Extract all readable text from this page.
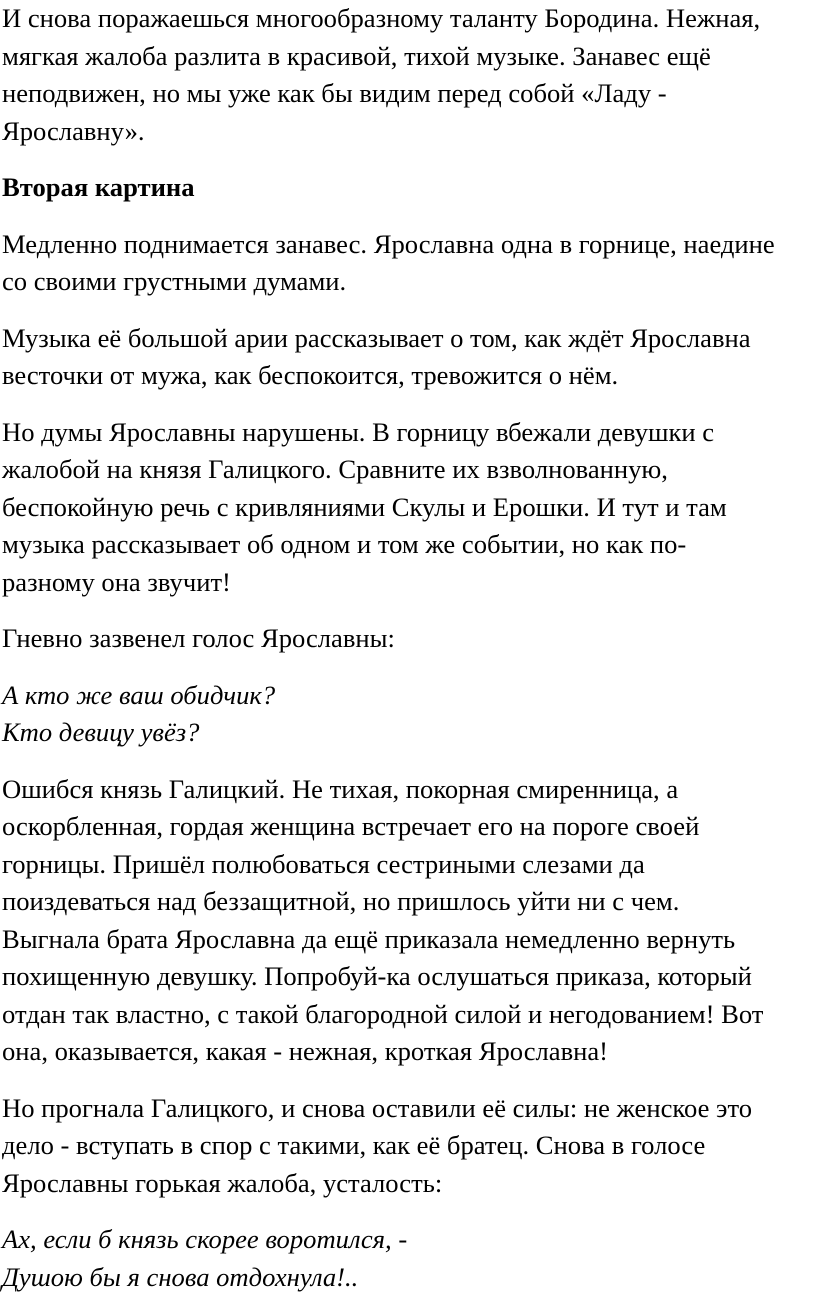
И снова поражаешься многообразному таланту Бородина. Нежная,
мягкая жалоба разлита в красивой, тихой музыке. Занавес ещё
неподвижен, но мы уже как бы видим перед собой «Ладу -
Ярославну».
Вторая картина
Медленно поднимается занавес. Ярославна одна в горнице, наедине
со своими грустными думами.
Музыка её большой арии рассказывает о том, как ждёт Ярославна
весточки от мужа, как беспокоится, тревожится о нём.
Но думы Ярославны нарушены. В горницу вбежали девушки с
жалобой на князя Галицкого. Сравните их взволнованную,
беспокойную речь с кривляниями Скулы и Ерошки. И тут и там
музыка рассказывает об одном и том же событии, но как по-
разному она звучит!
Гневно зазвенел голос Ярославны:
А кто же ваш обидчик?
Кто девицу увёз?
Ошибся князь Галицкий. Не тихая, покорная смиренница, а
оскорбленная, гордая женщина встречает его на пороге своей
горницы. Пришёл полюбоваться сестриными слезами да
поиздеваться над беззащитной, но пришлось уйти ни с чем.
Выгнала брата Ярославна да ещё приказала немедленно вернуть
похищенную девушку. Попробуй-ка ослушаться приказа, который
отдан так властно, с такой благородной силой и негодованием! Вот
она, оказывается, какая - нежная, кроткая Ярославна!
Но прогнала Галицкого, и снова оставили её силы: не женское это
дело - вступать в спор с такими, как её братец. Снова в голосе
Ярославны горькая жалоба, усталость:
Ах, если б князь скорее воротился, -
Душою бы я снова отдохнула!..
